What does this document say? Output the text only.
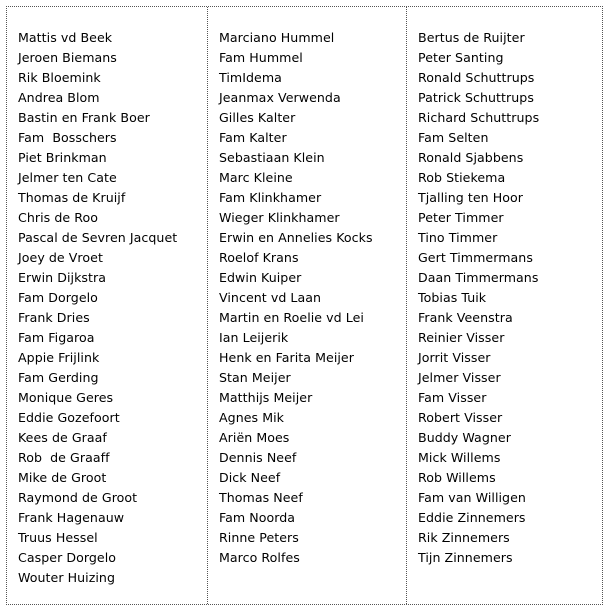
Mattis vd Beek
Jeroen Biemans
Rik Bloemink
Andrea Blom
Bastin en Frank Boer
Fam  Bosschers
Piet Brinkman
Jelmer ten Cate
Thomas de Kruijf
Chris de Roo
Pascal de Sevren Jacquet
Joey de Vroet
Erwin Dijkstra
Fam Dorgelo
Frank Dries
Fam Figaroa
Appie Frijlink
Fam Gerding
Monique Geres
Eddie Gozefoort
Kees de Graaf
Rob  de Graaff
Mike de Groot
Raymond de Groot
Frank Hagenauw
Truus Hessel
Casper Dorgelo
Wouter Huizing
Marciano Hummel
Fam Hummel
TimIdema
Jeanmax Verwenda
Gilles Kalter
Fam Kalter
Sebastiaan Klein
Marc Kleine
Fam Klinkhamer
Wieger Klinkhamer
Erwin en Annelies Kocks
Roelof Krans
Edwin Kuiper
Vincent vd Laan
Martin en Roelie vd Lei
Ian Leijerik
Henk en Farita Meijer
Stan Meijer
Matthijs Meijer
Agnes Mik
Ariën Moes
Dennis Neef
Dick Neef
Thomas Neef
Fam Noorda
Rinne Peters
Marco Rolfes
Bertus de Ruijter
Peter Santing
Ronald Schuttrups
Patrick Schuttrups
Richard Schuttrups
Fam Selten
Ronald Sjabbens
Rob Stiekema
Tjalling ten Hoor
Peter Timmer
Tino Timmer
Gert Timmermans
Daan Timmermans
Tobias Tuik
Frank Veenstra
Reinier Visser
Jorrit Visser
Jelmer Visser
Fam Visser
Robert Visser
Buddy Wagner
Mick Willems
Rob Willems
Fam van Willigen
Eddie Zinnemers
Rik Zinnemers
Tijn Zinnemers
